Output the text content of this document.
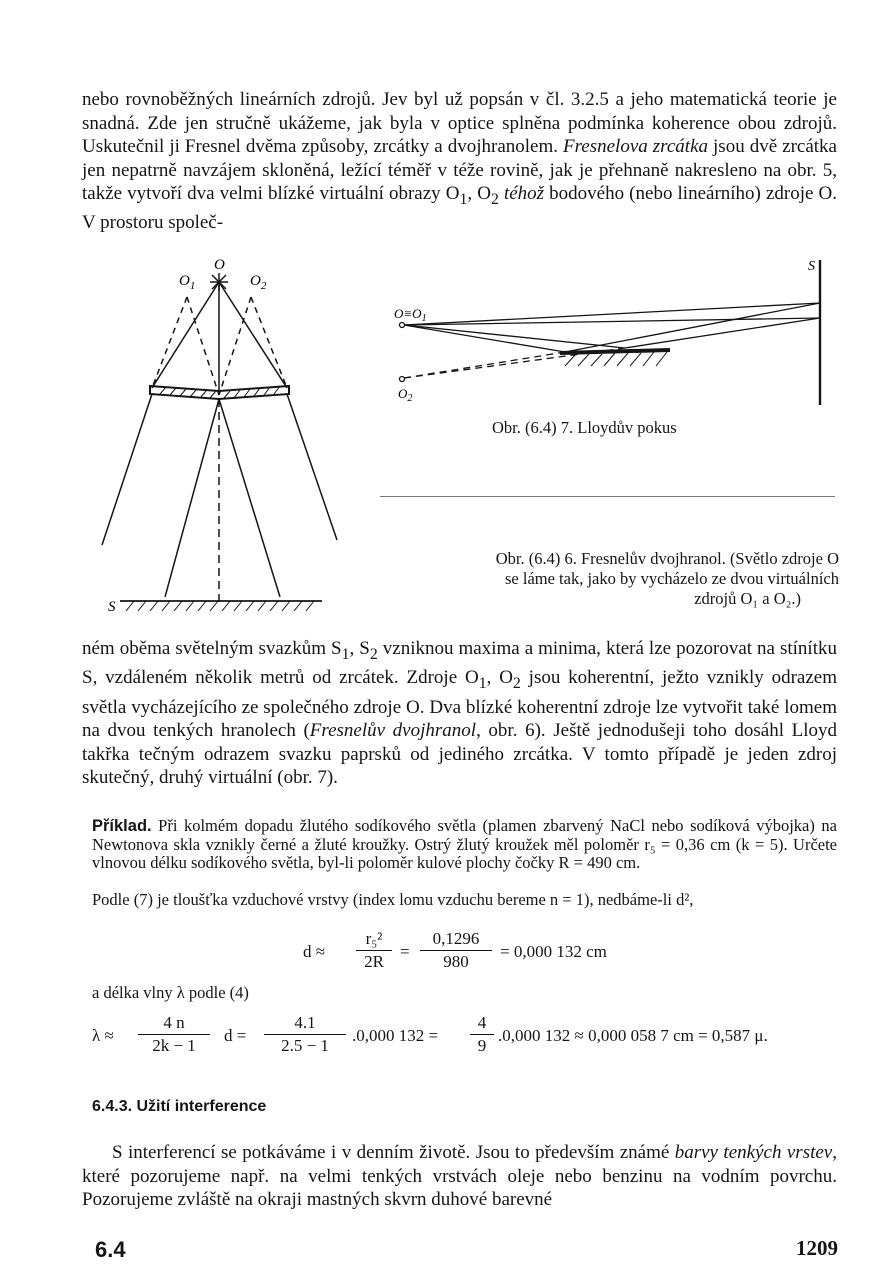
nebo rovnoběžných lineárních zdrojů. Jev byl už popsán v čl. 3.2.5 a jeho matematická teorie je snadná. Zde jen stručně ukážeme, jak byla v optice splněna podmínka koherence obou zdrojů. Uskutečnil ji Fresnel dvěma způsoby, zrcátky a dvojhranolem. Fresnelova zrcátka jsou dvě zrcátka jen nepatrně navzájem skloněná, ležící téměř v téže rovině, jak je přehnaně nakresleno na obr. 5, takže vytvoří dva velmi blízké virtuální obrazy $O_1$, $O_2$ téhož bodového (nebo lineárního) zdroje O. V prostoru společ-

O
$O_1$	$O_2$
S
$O\equiv O_1$
$O_2$
S

Obr. (6.4) 7. Lloydův pokus

Obr. (6.4) 6. Fresnelův dvojhranol. (Světlo zdroje O
se láme tak, jako by vycházelo ze dvou virtuálních
zdrojů O₁ a O₂.)

ném oběma světelným svazkům $S_1$, $S_2$ vzniknou maxima a minima, která lze pozorovat na stínítku S, vzdáleném několik metrů od zrcátek. Zdroje $O_1$, $O_2$ jsou koherentní, ježto vznikly odrazem světla vycházejícího ze společného zdroje O. Dva blízké koherentní zdroje lze vytvořit také lomem na dvou tenkých hranolech (Fresnelův dvojhranol, obr. 6). Ještě jednodušeji toho dosáhl Lloyd takřka tečným odrazem svazku paprsků od jediného zrcátka. V tomto případě je jeden zdroj skutečný, druhý virtuální (obr. 7).

Příklad. Při kolmém dopadu žlutého sodíkového světla (plamen zbarvený NaCl nebo sodíková výbojka) na Newtonova skla vznikly černé a žluté kroužky. Ostrý žlutý kroužek měl poloměr r₅ = 0,36 cm (k = 5). Určete vlnovou délku sodíkového světla, byl-li poloměr kulové plochy čočky R = 490 cm.

Podle (7) je tloušťka vzduchové vrstvy (index lomu vzduchu bereme n = 1), nedbáme-li d²,

d ≈
r₅²
2R
=
0,1296
980
= 0,000 132 cm

a délka vlny λ podle (4)

λ ≈
4 n
2k − 1
d =
4.1
2.5 − 1
.0,000 132 =
4
9
.0,000 132 ≈ 0,000 058 7 cm = 0,587 μ.
6.4.3. Užití interference

S interferencí se potkáváme i v denním životě. Jsou to především známé barvy tenkých vrstev, které pozorujeme např. na velmi tenkých vrstvách oleje nebo benzinu na vodním povrchu. Pozorujeme zvláště na okraji mastných skvrn duhové barevné

6.4	1209
